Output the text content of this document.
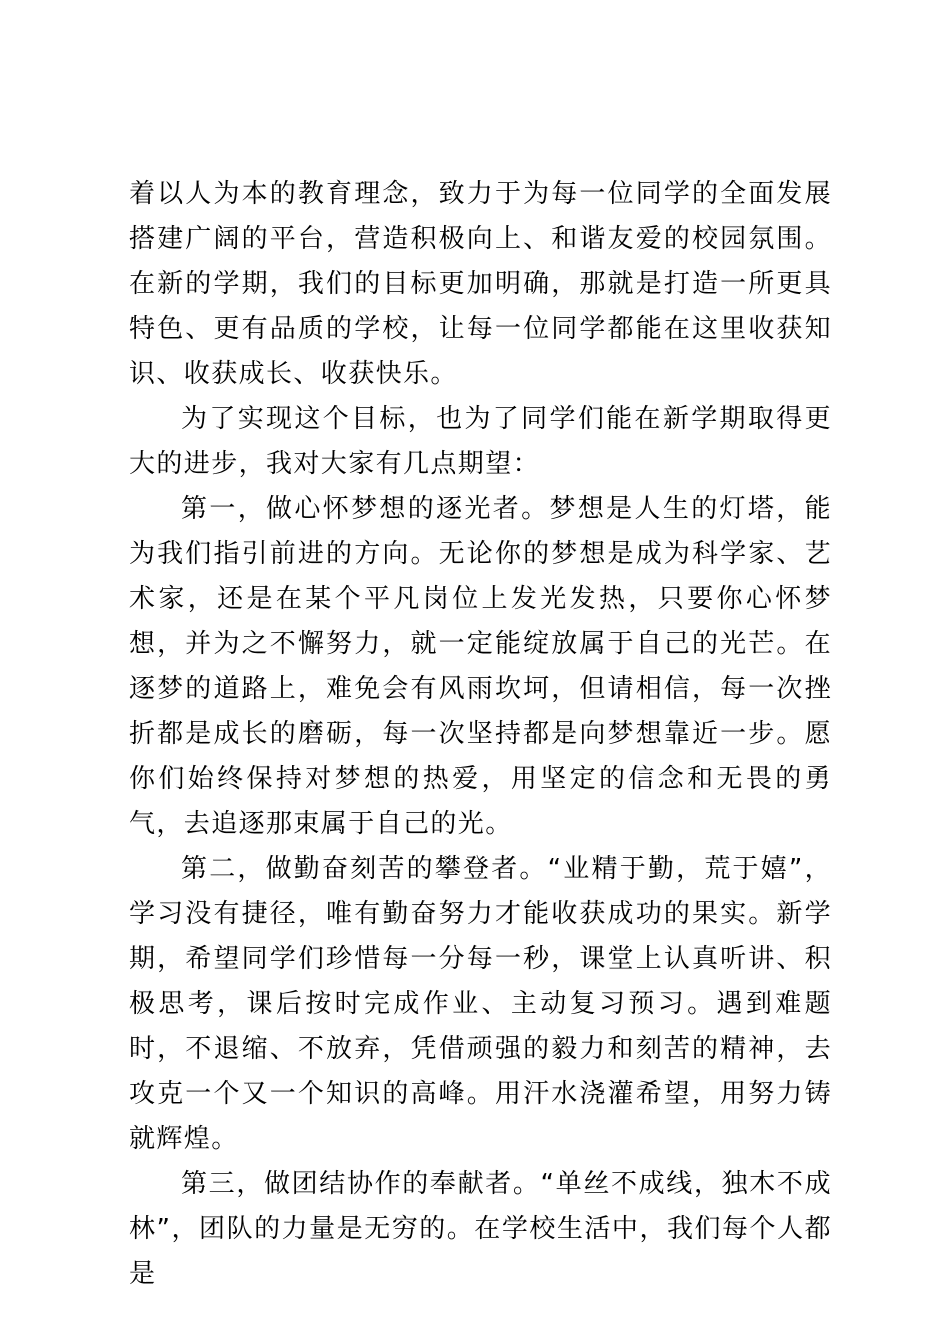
着以人为本的教育理念，致力于为每一位同学的全面发展搭建广阔的平台，营造积极向上、和谐友爱的校园氛围。在新的学期，我们的目标更加明确，那就是打造一所更具特色、更有品质的学校，让每一位同学都能在这里收获知识、收获成长、收获快乐。

为了实现这个目标，也为了同学们能在新学期取得更大的进步，我对大家有几点期望：

第一，做心怀梦想的逐光者。梦想是人生的灯塔，能为我们指引前进的方向。无论你的梦想是成为科学家、艺术家，还是在某个平凡岗位上发光发热，只要你心怀梦想，并为之不懈努力，就一定能绽放属于自己的光芒。在逐梦的道路上，难免会有风雨坎坷，但请相信，每一次挫折都是成长的磨砺，每一次坚持都是向梦想靠近一步。愿你们始终保持对梦想的热爱，用坚定的信念和无畏的勇气，去追逐那束属于自己的光。

第二，做勤奋刻苦的攀登者。“业精于勤，荒于嬉”，学习没有捷径，唯有勤奋努力才能收获成功的果实。新学期，希望同学们珍惜每一分每一秒，课堂上认真听讲、积极思考，课后按时完成作业、主动复习预习。遇到难题时，不退缩、不放弃，凭借顽强的毅力和刻苦的精神，去攻克一个又一个知识的高峰。用汗水浇灌希望，用努力铸就辉煌。

第三，做团结协作的奉献者。“单丝不成线，独木不成林”，团队的力量是无穷的。在学校生活中，我们每个人都是
